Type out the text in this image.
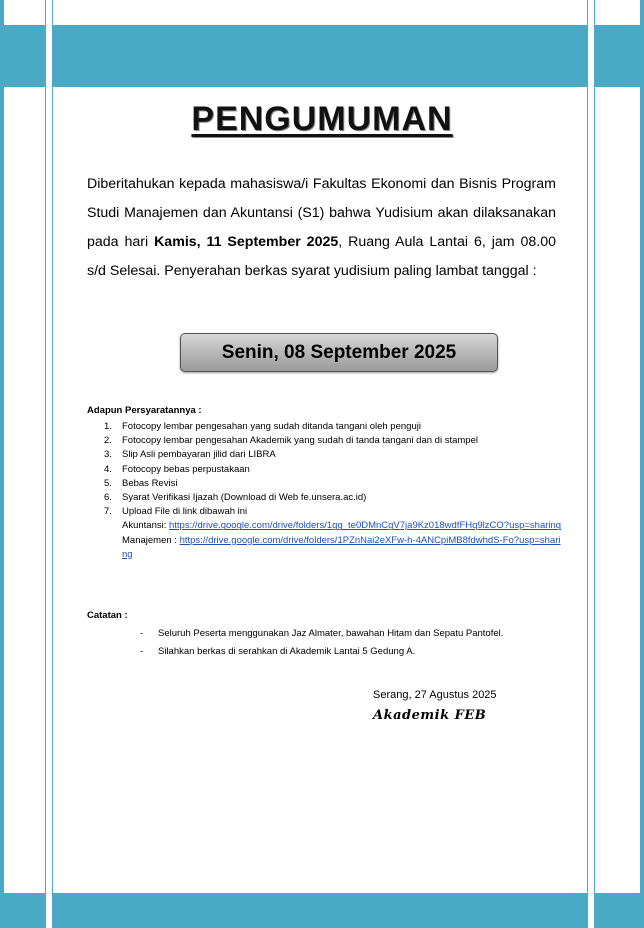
PENGUMUMAN
Diberitahukan kepada mahasiswa/i Fakultas Ekonomi dan Bisnis Program Studi Manajemen dan Akuntansi (S1) bahwa Yudisium akan dilaksanakan pada hari Kamis, 11 September 2025, Ruang Aula Lantai 6, jam 08.00 s/d Selesai. Penyerahan berkas syarat yudisium paling lambat tanggal :
Senin, 08 September 2025
Adapun Persyaratannya :
1. Fotocopy lembar pengesahan yang sudah ditanda tangani oleh penguji
2. Fotocopy lembar pengesahan Akademik yang sudah di tanda tangani dan di stampel
3. Slip Asli pembayaran jilid dari LIBRA
4. Fotocopy bebas perpustakaan
5. Bebas Revisi
6. Syarat Verifikasi Ijazah (Download di Web fe.unsera.ac.id)
7. Upload File di link dibawah ini
Akuntansi: https://drive.google.com/drive/folders/1gg_te0DMnCgV7ja9Kz018wdfFHq9lzCO?usp=sharing
Manajemen : https://drive.google.com/drive/folders/1PZnNai2eXFw-h-4ANCpiMB8fdwhdS-Fo?usp=sharing
Catatan :
- Seluruh Peserta menggunakan Jaz Almater, bawahan Hitam dan Sepatu Pantofel.
- Silahkan berkas di serahkan di Akademik Lantai 5 Gedung A.
Serang, 27 Agustus 2025
Akademik FEB
